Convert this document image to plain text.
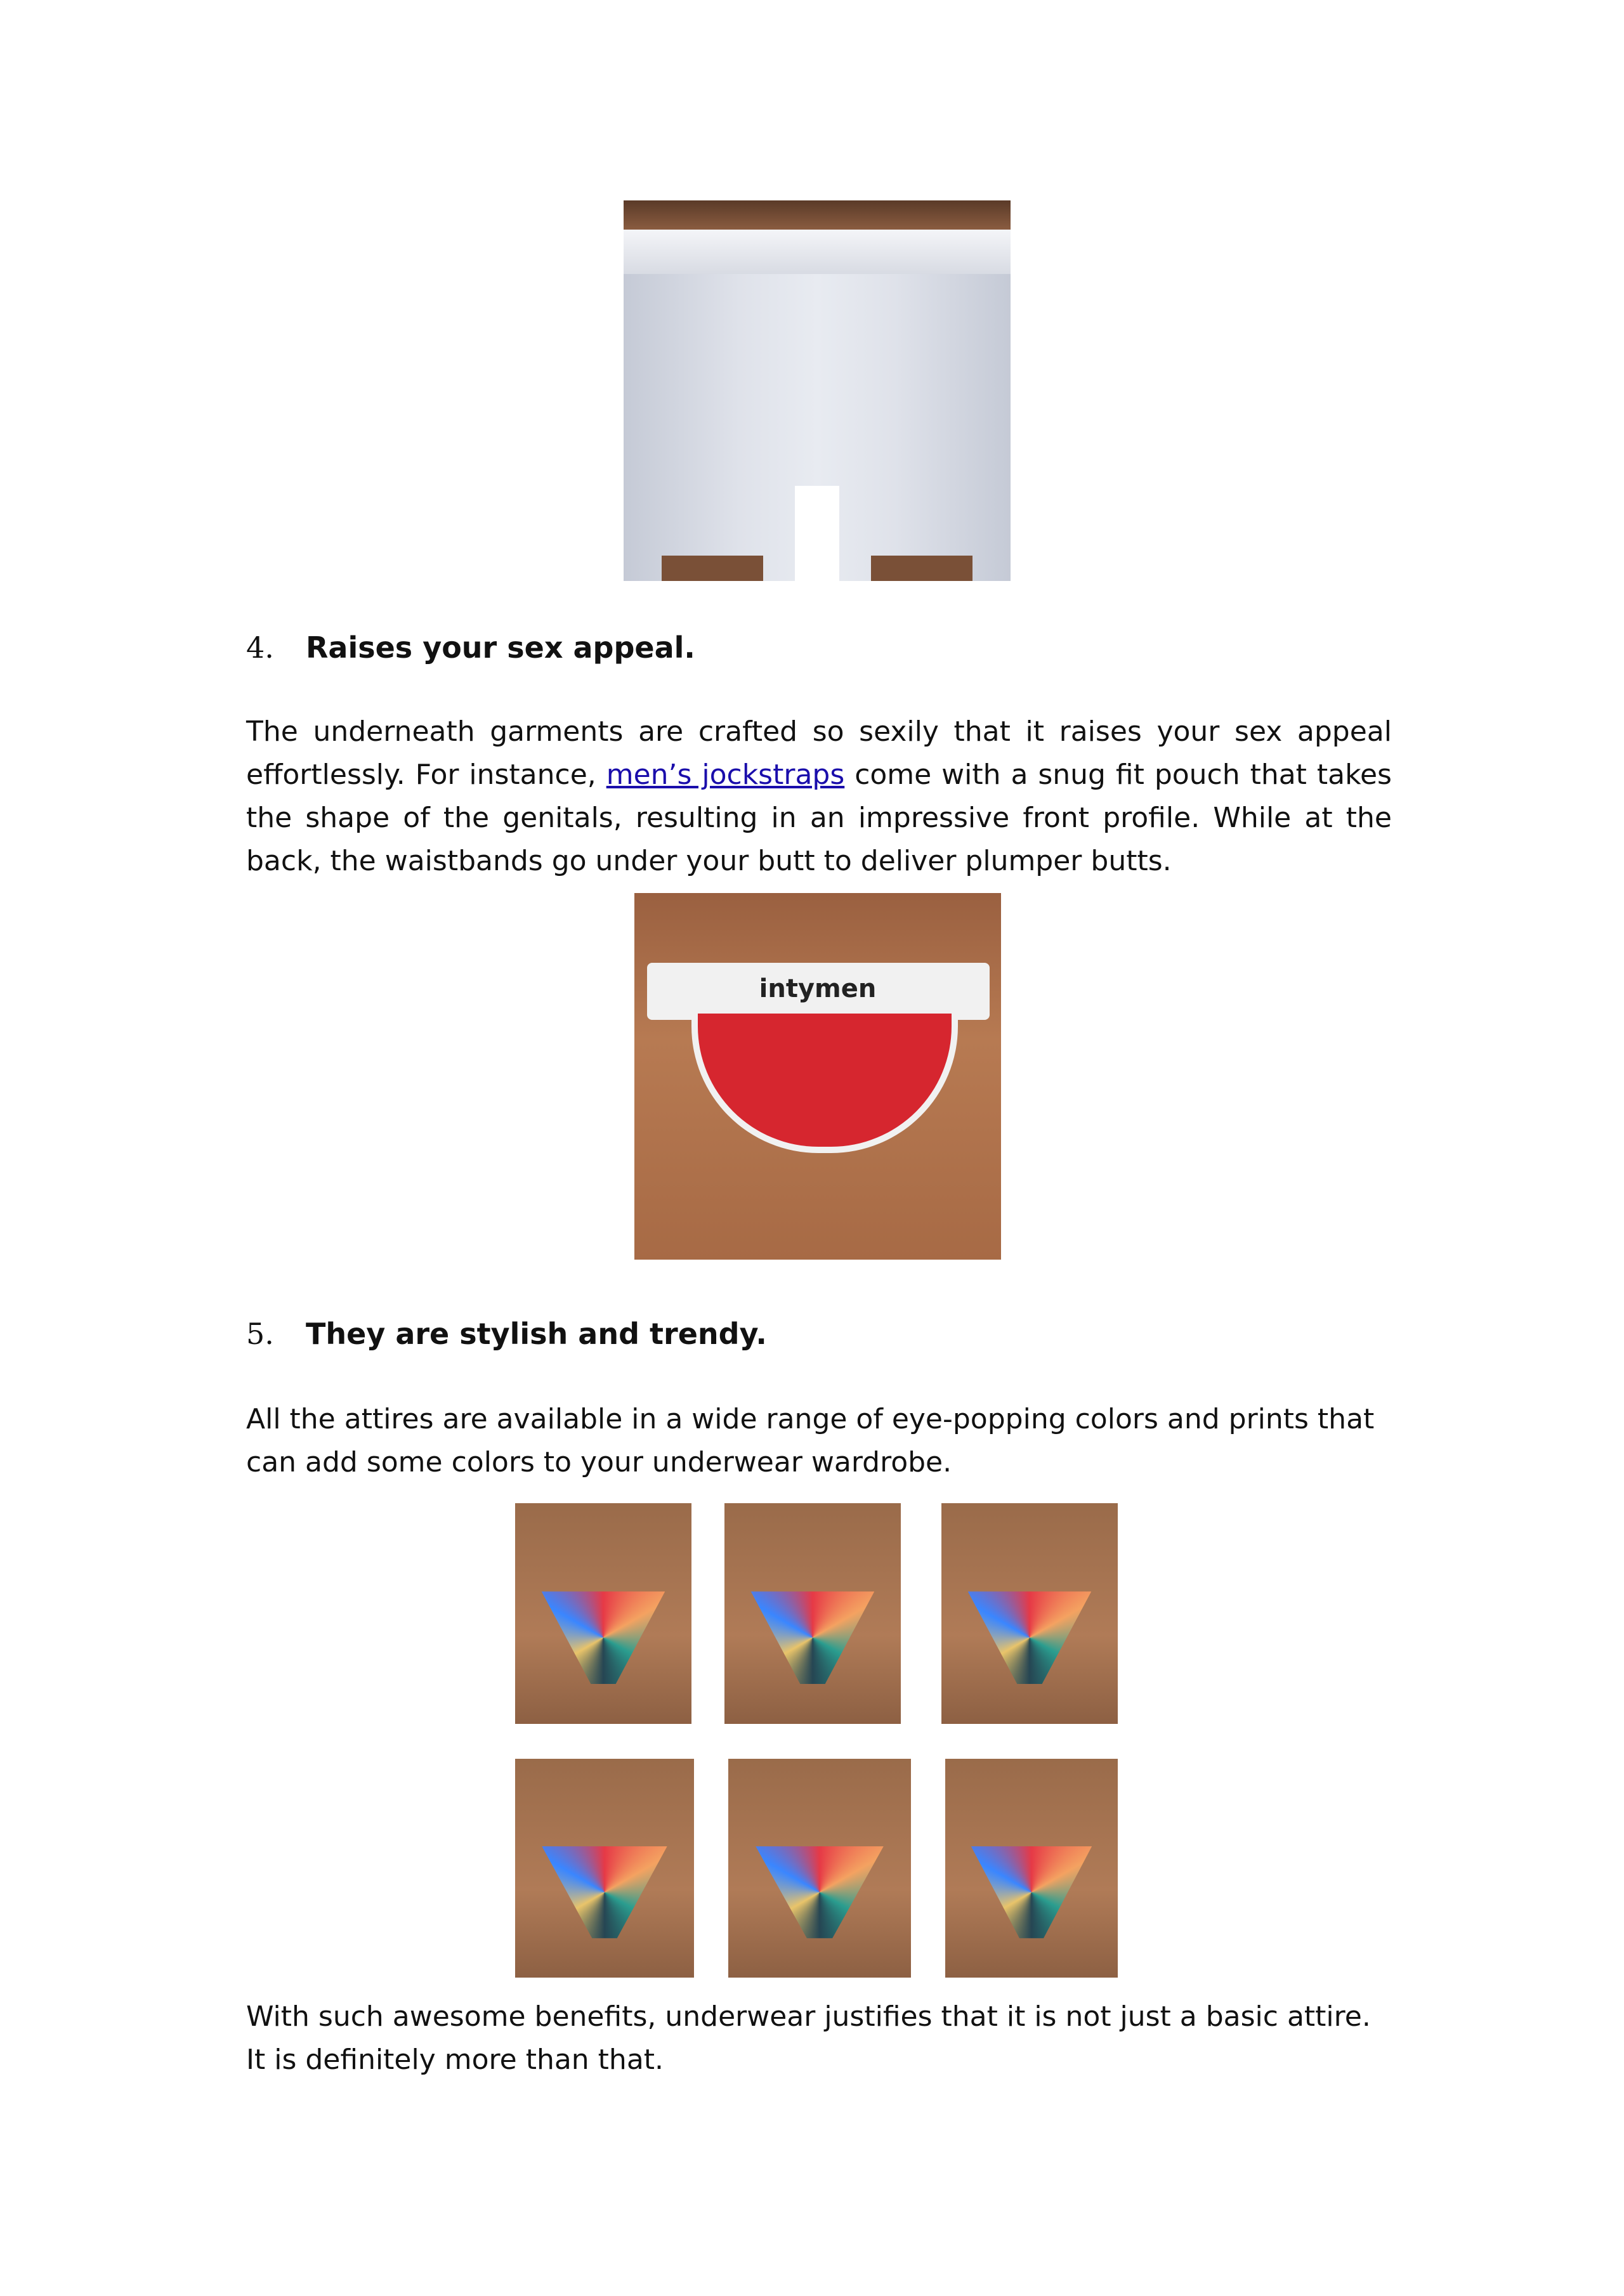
4. Raises your sex appeal.

The underneath garments are crafted so sexily that it raises your sex appeal effortlessly. For instance, men’s jockstraps come with a snug fit pouch that takes the shape of the genitals, resulting in an impressive front profile. While at the back, the waistbands go under your butt to deliver plumper butts.

intymen
5. They are stylish and trendy.

All the attires are available in a wide range of eye-popping colors and prints that can add some colors to your underwear wardrobe.

With such awesome benefits, underwear justifies that it is not just a basic attire. It is definitely more than that.
